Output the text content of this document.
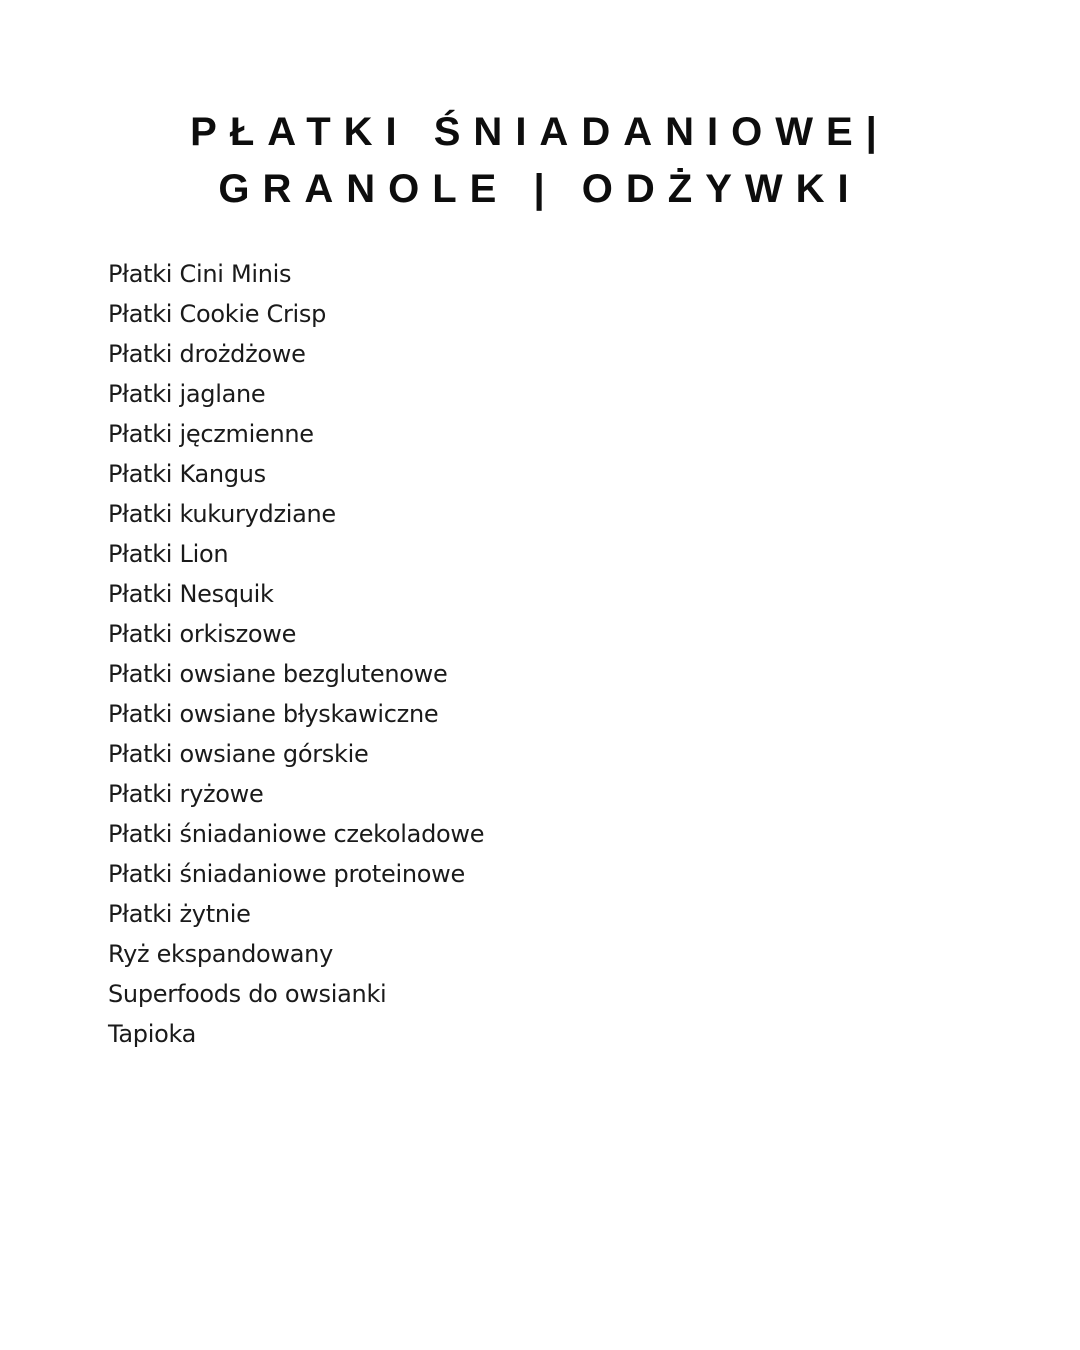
PŁATKI ŚNIADANIOWE|
GRANOLE | ODŻYWKI
Płatki Cini Minis
Płatki Cookie Crisp
Płatki drożdżowe
Płatki jaglane
Płatki jęczmienne
Płatki Kangus
Płatki kukurydziane
Płatki Lion
Płatki Nesquik
Płatki orkiszowe
Płatki owsiane bezglutenowe
Płatki owsiane błyskawiczne
Płatki owsiane górskie
Płatki ryżowe
Płatki śniadaniowe czekoladowe
Płatki śniadaniowe proteinowe
Płatki żytnie
Ryż ekspandowany
Superfoods do owsianki
Tapioka
